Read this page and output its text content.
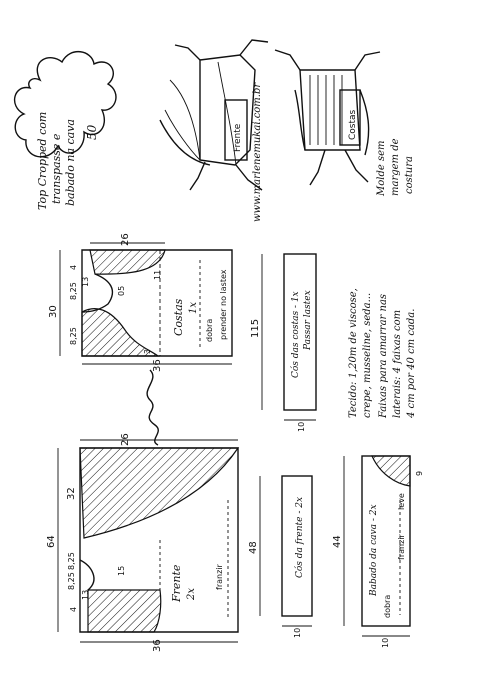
Top Cropped com transpasse e babado na cava 50	www.marlenemukai.com.br
Frente	Costas
Molde sem margem de costura
26
36
30
8,25
8,25
4
13
3
05
11
Costas 1x	prender no lastex
dobra	115
10
Cós das costas - 1x Passar lastex	Tecido: 1,20m de viscose, crepe, musseline, seda... Faixas para amarrar nas laterais: 4 faixas com 4 cm por 40 cm cada.
26
36
64
32
8,25
8,25
4
15
13	Frente 2x
franzir
48
10
Cós da frente - 2x	44
10
Babado da cava - 2x
dobra
franzir
leve
9
